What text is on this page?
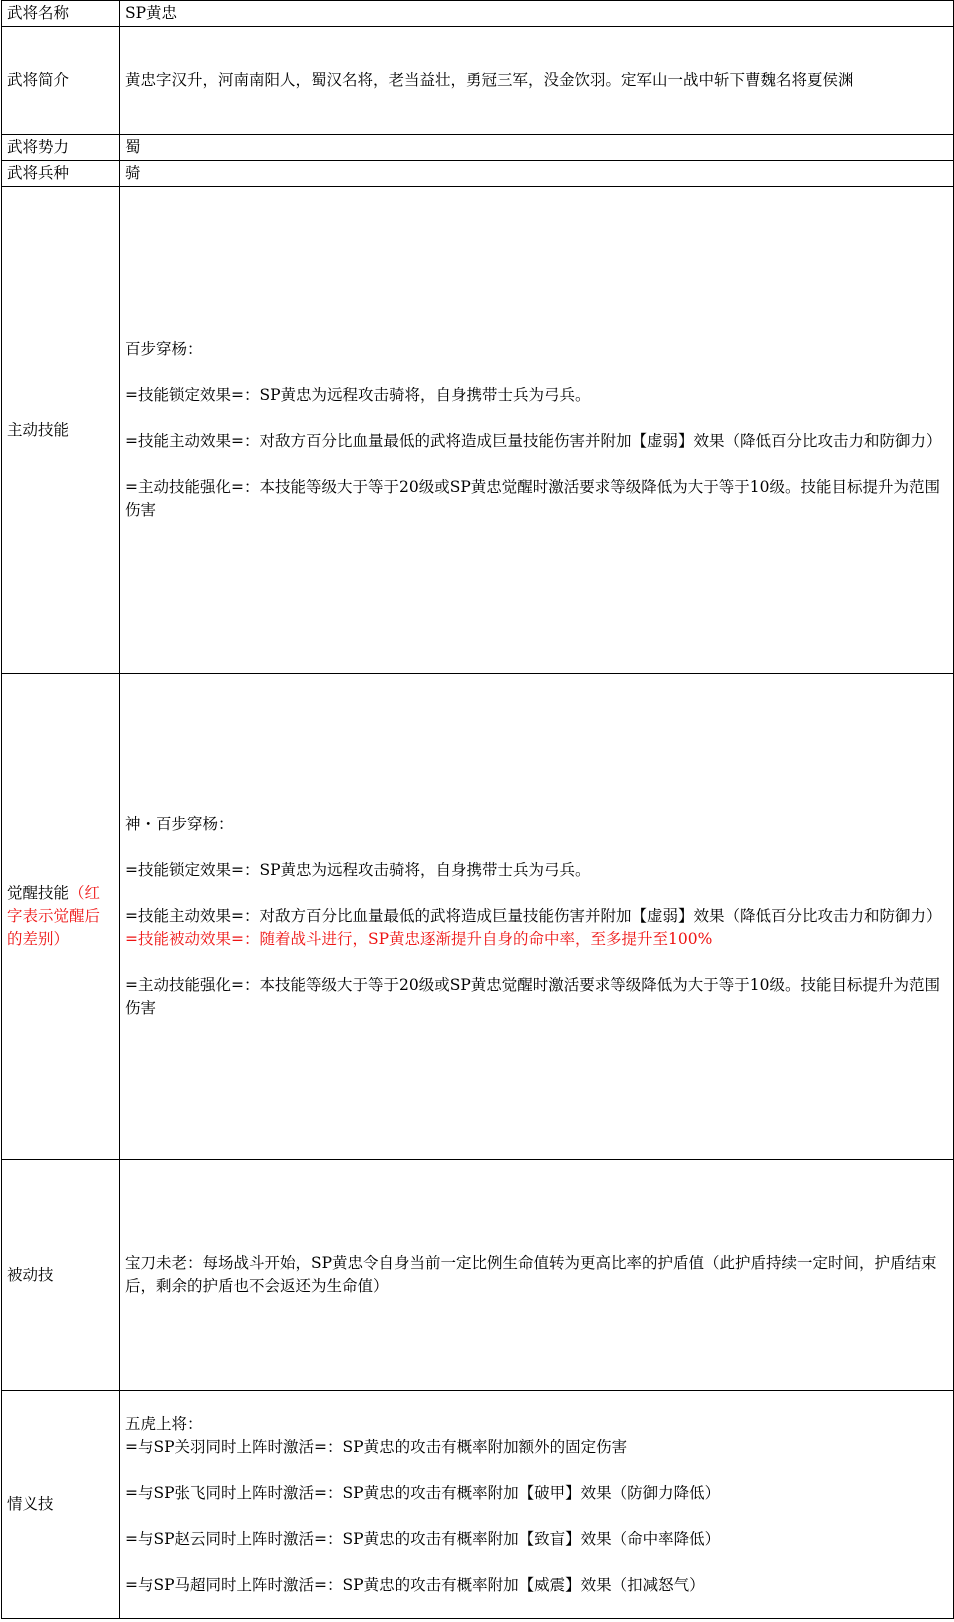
武将名称	SP黄忠
武将简介	黄忠字汉升，河南南阳人，蜀汉名将，老当益壮，勇冠三军，没金饮羽。定军山一战中斩下曹魏名将夏侯渊
武将势力	蜀
武将兵种	骑
主动技能	百步穿杨：

=技能锁定效果=：SP黄忠为远程攻击骑将，自身携带士兵为弓兵。

=技能主动效果=：对敌方百分比血量最低的武将造成巨量技能伤害并附加【虚弱】效果（降低百分比攻击力和防御力）

=主动技能强化=：本技能等级大于等于20级或SP黄忠觉醒时激活要求等级降低为大于等于10级。技能目标提升为范围伤害

觉醒技能（红字表示觉醒后的差别）	神・百步穿杨：

=技能锁定效果=：SP黄忠为远程攻击骑将，自身携带士兵为弓兵。

=技能主动效果=：对敌方百分比血量最低的武将造成巨量技能伤害并附加【虚弱】效果（降低百分比攻击力和防御力）

=技能被动效果=：随着战斗进行，SP黄忠逐渐提升自身的命中率，至多提升至100%

=主动技能强化=：本技能等级大于等于20级或SP黄忠觉醒时激活要求等级降低为大于等于10级。技能目标提升为范围伤害

被动技	宝刀未老：每场战斗开始，SP黄忠令自身当前一定比例生命值转为更高比率的护盾值（此护盾持续一定时间，护盾结束后，剩余的护盾也不会返还为生命值）
情义技	五虎上将：

=与SP关羽同时上阵时激活=：SP黄忠的攻击有概率附加额外的固定伤害

=与SP张飞同时上阵时激活=：SP黄忠的攻击有概率附加【破甲】效果（防御力降低）

=与SP赵云同时上阵时激活=：SP黄忠的攻击有概率附加【致盲】效果（命中率降低）

=与SP马超同时上阵时激活=：SP黄忠的攻击有概率附加【威震】效果（扣减怒气）
